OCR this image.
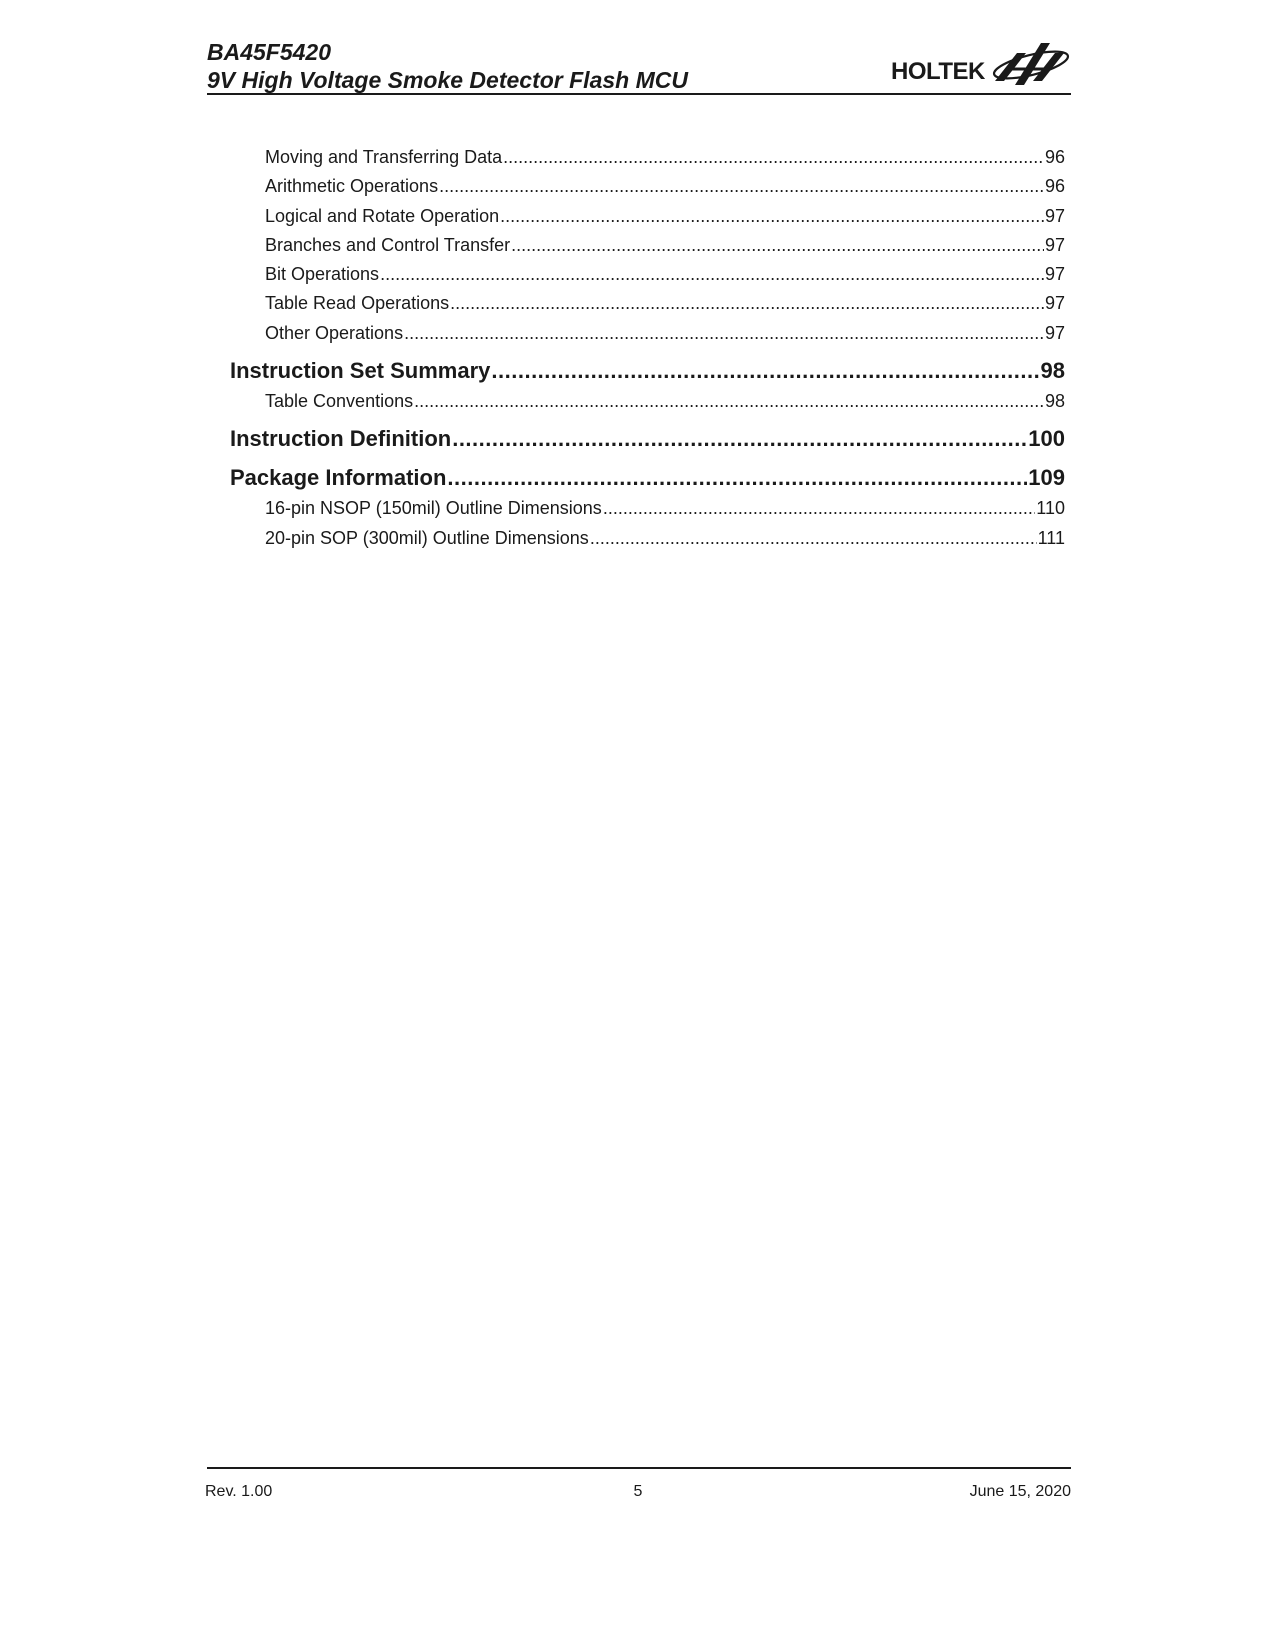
BA45F5420
9V High Voltage Smoke Detector Flash MCU	HOLTEK
Moving and Transferring Data .....	96
Arithmetic Operations .....	96
Logical and Rotate Operation .....	97
Branches and Control Transfer .....	97
Bit Operations .....	97
Table Read Operations .....	97
Other Operations .....	97
Instruction Set Summary .....	98
Table Conventions .....	98
Instruction Definition .....	100
Package Information .....	109
16-pin NSOP (150mil) Outline Dimensions .....	110
20-pin SOP (300mil) Outline Dimensions .....	111
Rev. 1.00	5	June 15, 2020
